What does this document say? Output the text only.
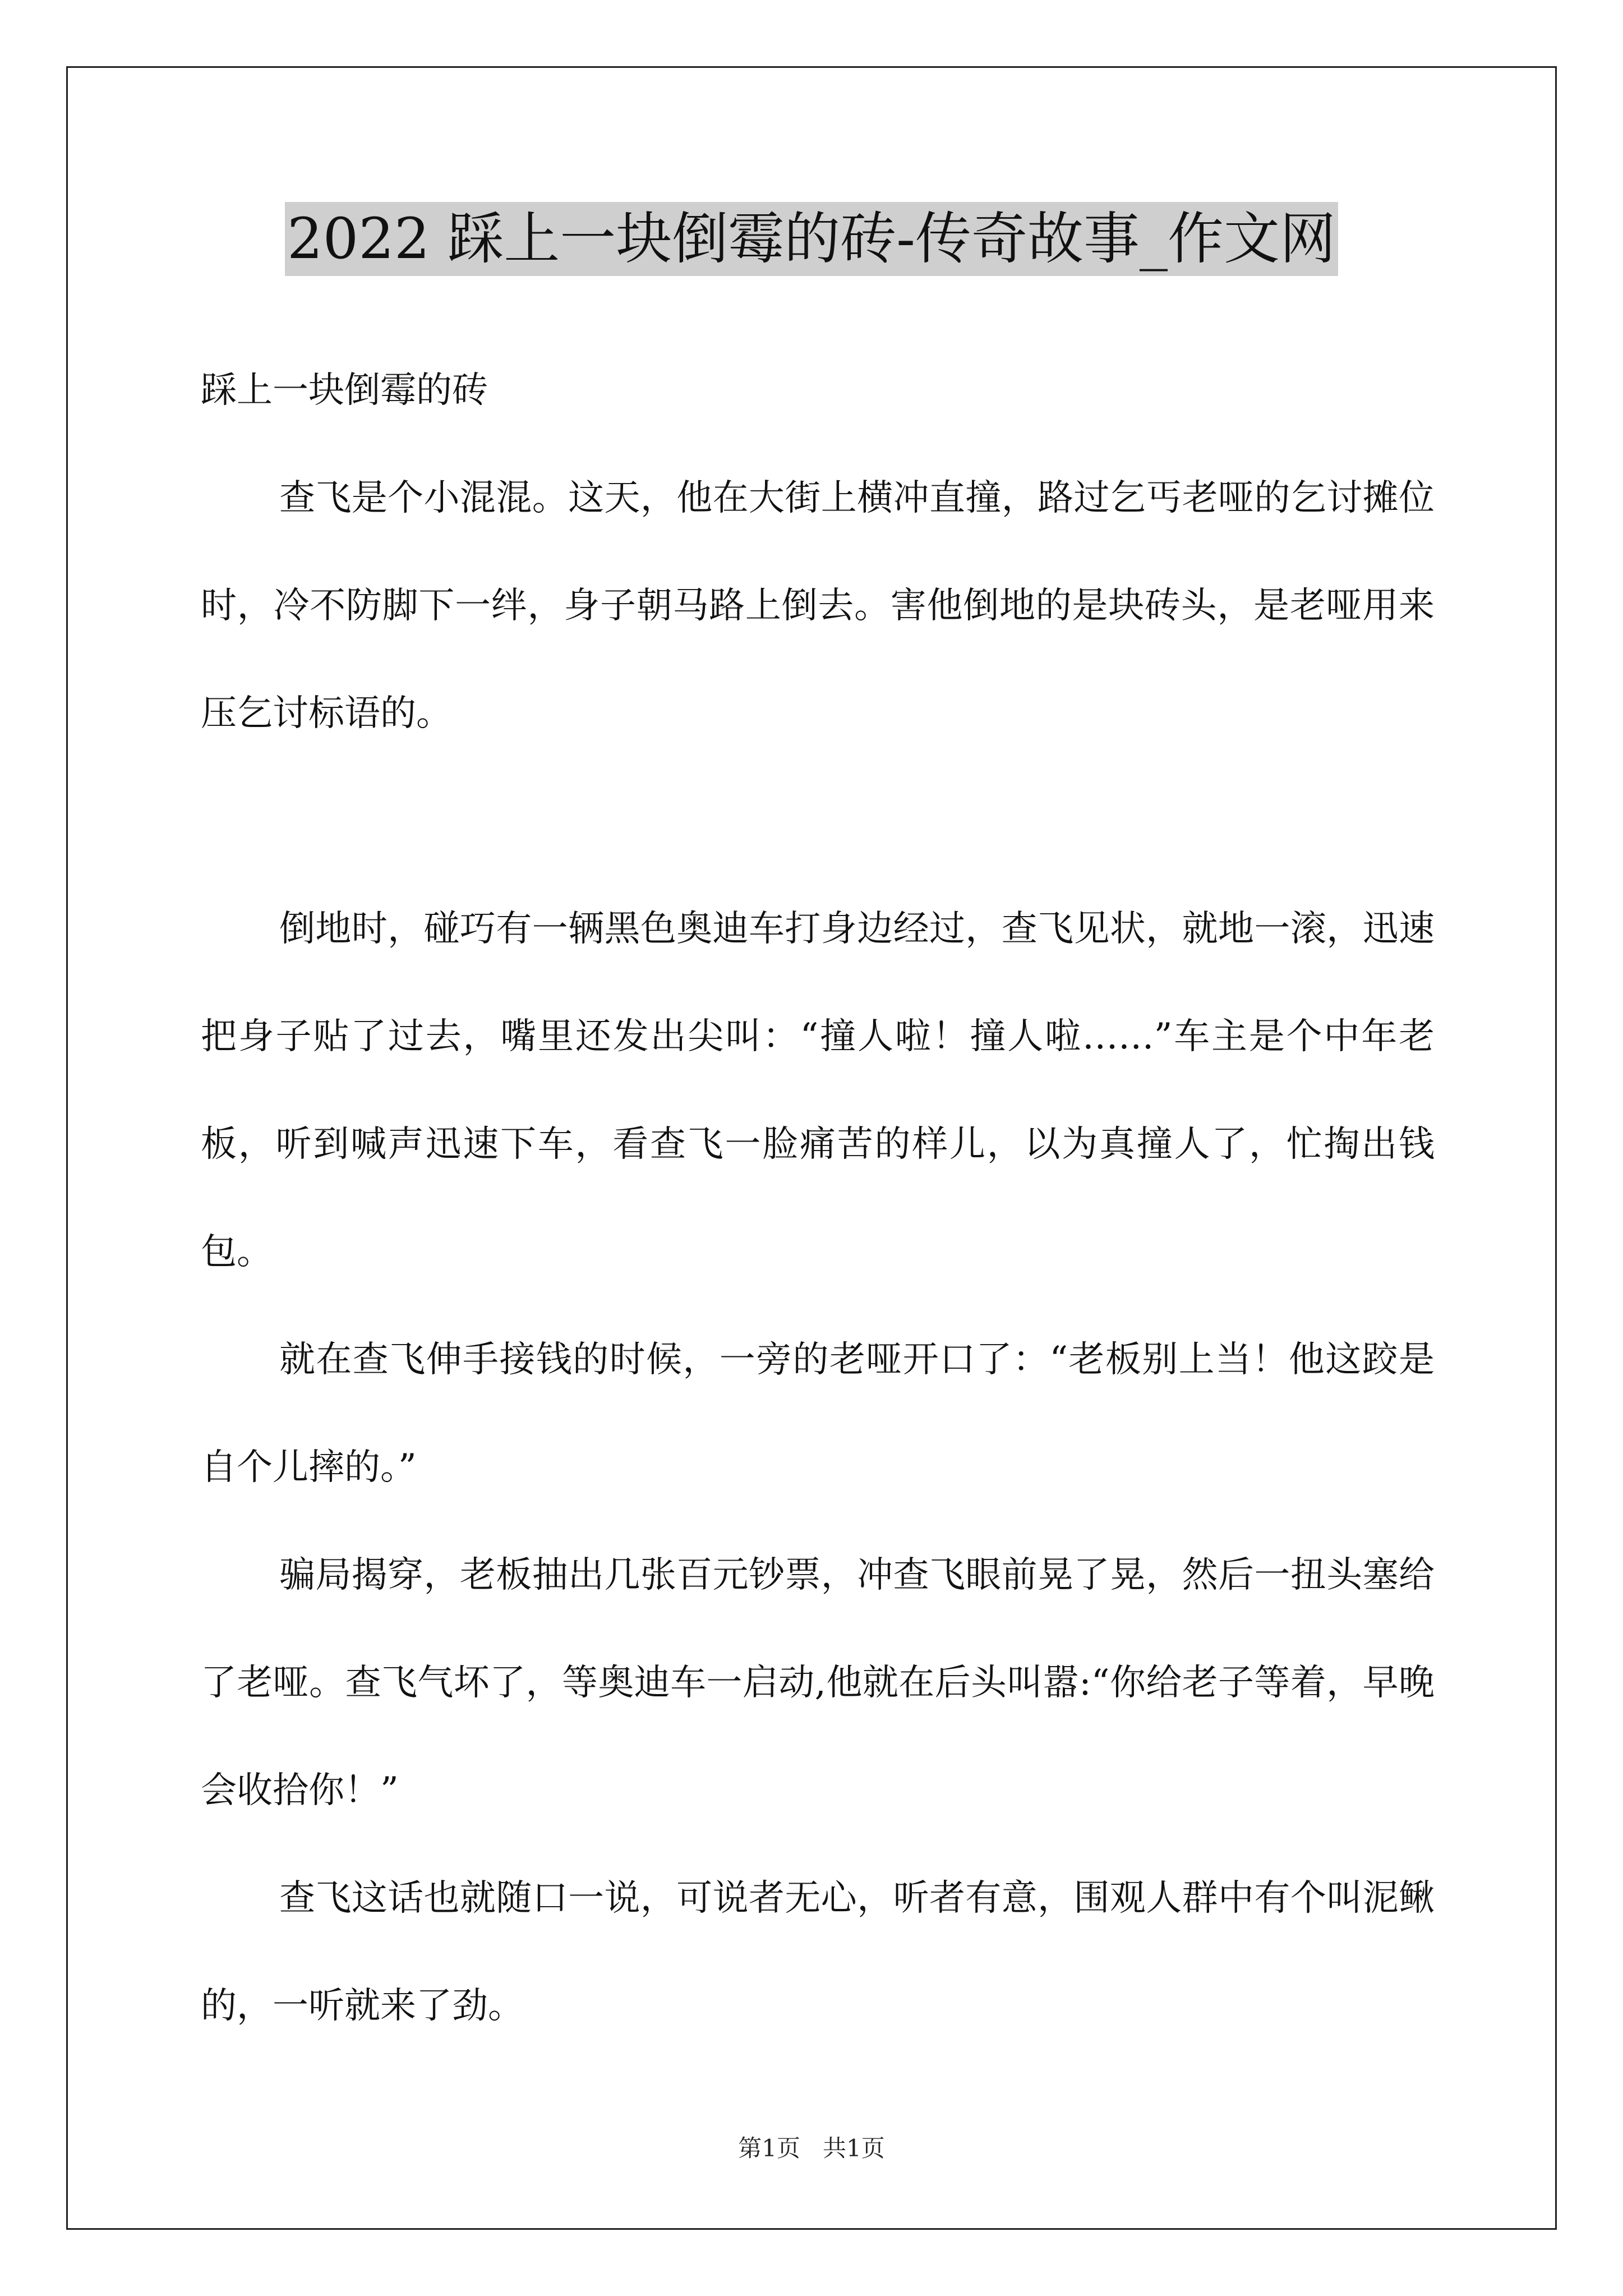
2022 踩上一块倒霉的砖-传奇故事_作文网

踩上一块倒霉的砖

查飞是个小混混。这天，他在大街上横冲直撞，路过乞丐老哑的乞讨摊位时，冷不防脚下一绊，身子朝马路上倒去。害他倒地的是块砖头，是老哑用来压乞讨标语的。

倒地时，碰巧有一辆黑色奥迪车打身边经过，查飞见状，就地一滚，迅速把身子贴了过去，嘴里还发出尖叫：“撞人啦！撞人啦……”车主是个中年老板，听到喊声迅速下车，看查飞一脸痛苦的样儿，以为真撞人了，忙掏出钱包。

就在查飞伸手接钱的时候，一旁的老哑开口了：“老板别上当！他这跤是自个儿摔的。”

骗局揭穿，老板抽出几张百元钞票，冲查飞眼前晃了晃，然后一扭头塞给了老哑。查飞气坏了，等奥迪车一启动,他就在后头叫嚣:“你给老子等着，早晚会收拾你！”

查飞这话也就随口一说，可说者无心，听者有意，围观人群中有个叫泥鳅的，一听就来了劲。

第1页 共1页
